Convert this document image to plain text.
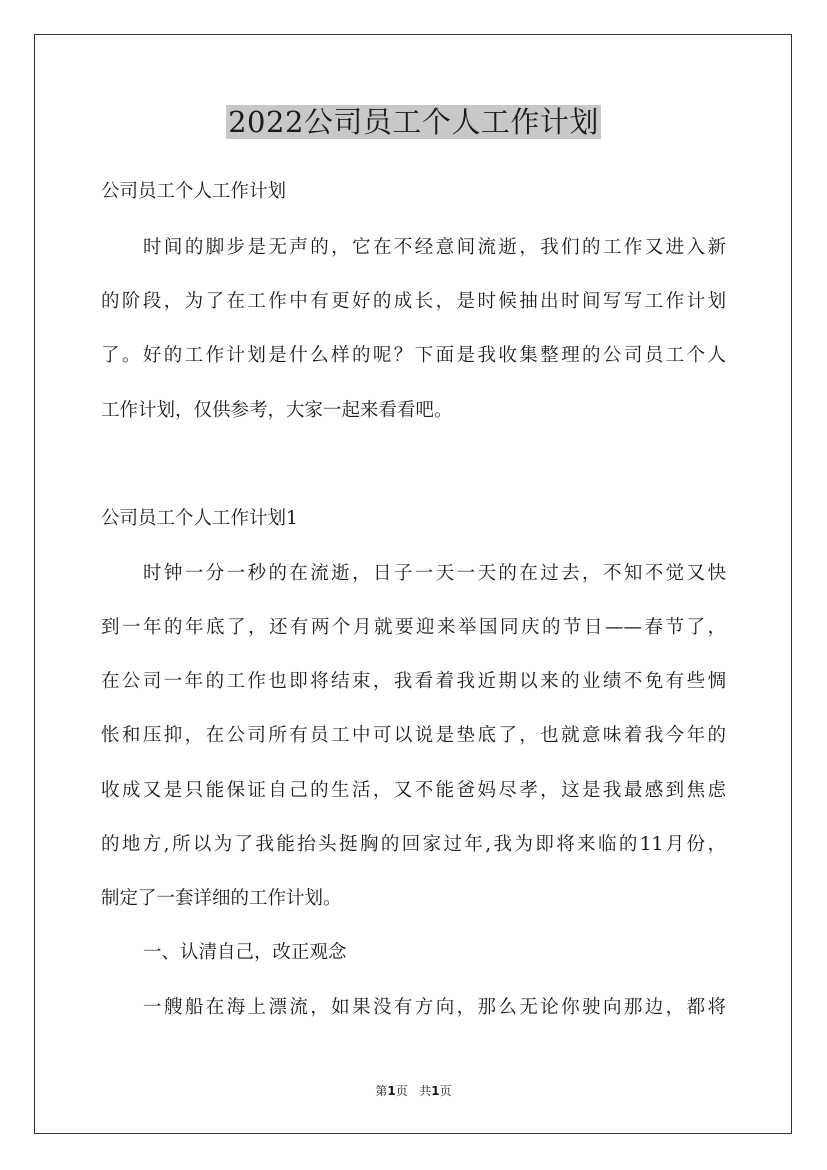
2022公司员工个人工作计划
公司员工个人工作计划
时间的脚步是无声的，它在不经意间流逝，我们的工作又进入新
的阶段，为了在工作中有更好的成长，是时候抽出时间写写工作计划
了。好的工作计划是什么样的呢？下面是我收集整理的公司员工个人
工作计划，仅供参考，大家一起来看看吧。
公司员工个人工作计划1
时钟一分一秒的在流逝，日子一天一天的在过去，不知不觉又快
到一年的年底了，还有两个月就要迎来举国同庆的节日——春节了，
在公司一年的工作也即将结束，我看着我近期以来的业绩不免有些惆
怅和压抑，在公司所有员工中可以说是垫底了，也就意味着我今年的
收成又是只能保证自己的生活，又不能爸妈尽孝，这是我最感到焦虑
的地方,所以为了我能抬头挺胸的回家过年,我为即将来临的11月份，
制定了一套详细的工作计划。
一、认清自己，改正观念
一艘船在海上漂流，如果没有方向，那么无论你驶向那边，都将
第1页 共1页
